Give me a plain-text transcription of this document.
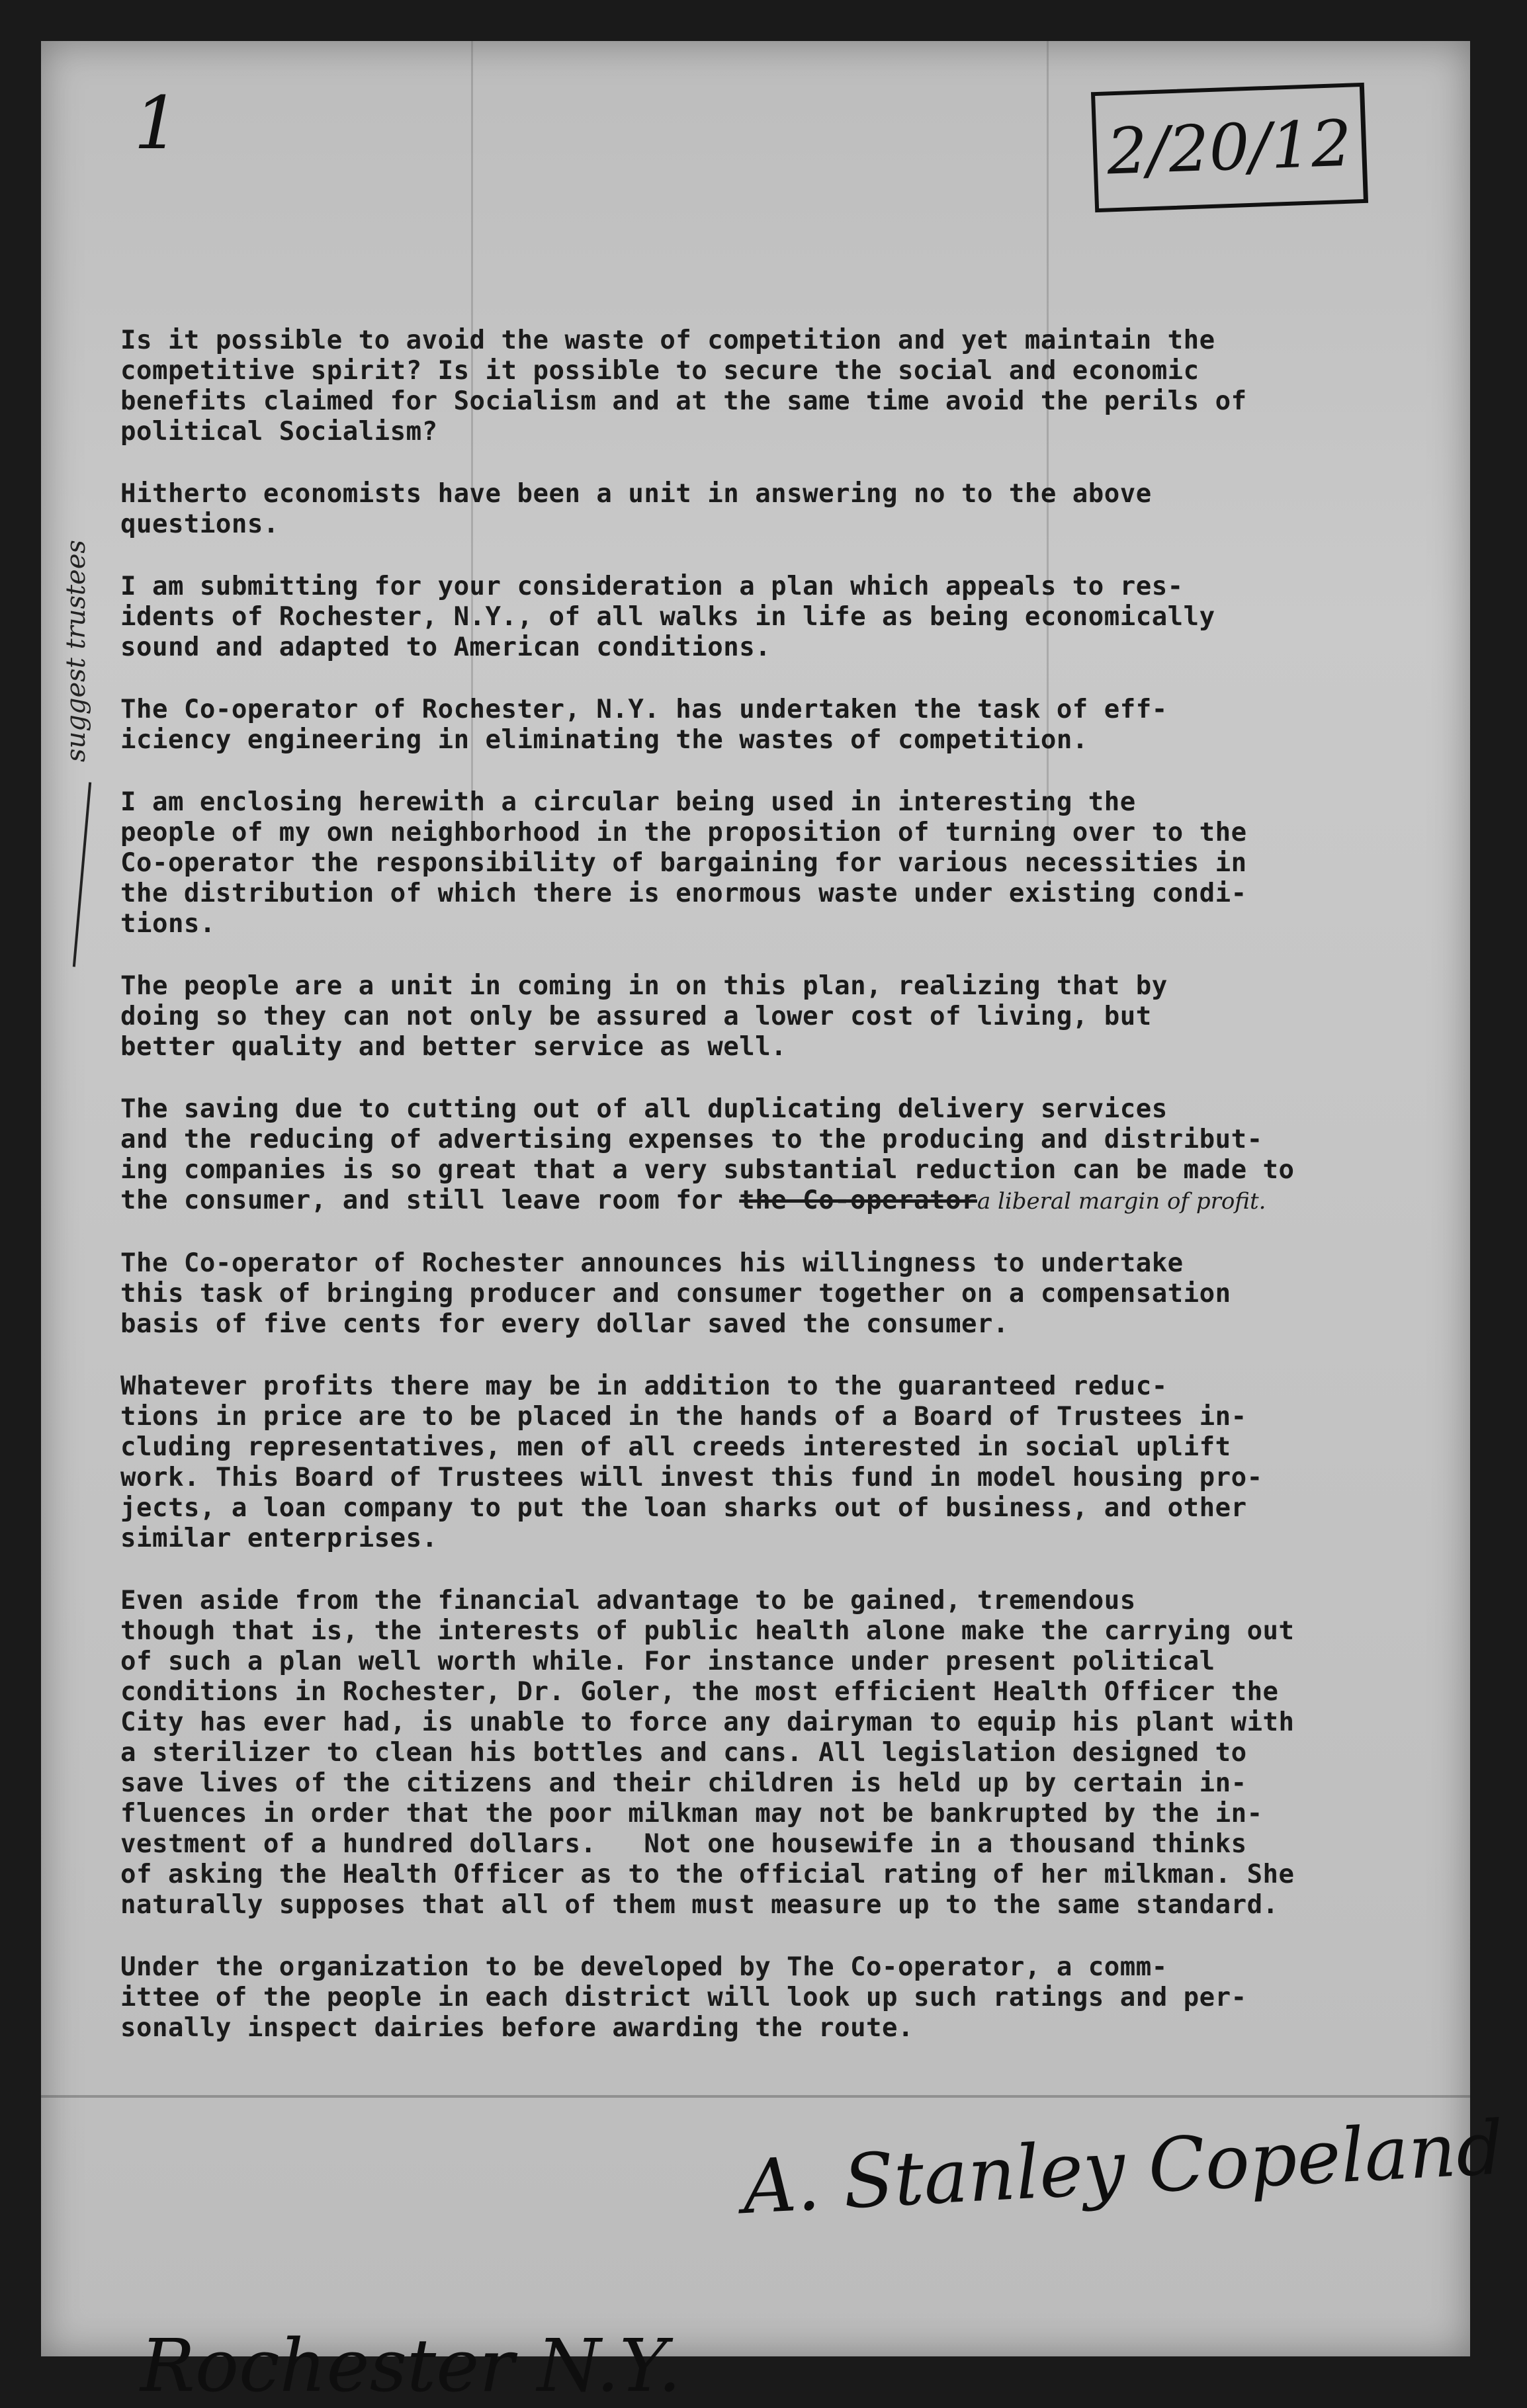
1	2/20/12
suggest trustees

Is it possible to avoid the waste of competition and yet maintain the
competitive spirit? Is it possible to secure the social and economic
benefits claimed for Socialism and at the same time avoid the perils of
political Socialism?

Hitherto economists have been a unit in answering no to the above
questions.

I am submitting for your consideration a plan which appeals to res-
idents of Rochester, N.Y., of all walks in life as being economically
sound and adapted to American conditions.

The Co-operator of Rochester, N.Y. has undertaken the task of eff-
iciency engineering in eliminating the wastes of competition.

I am enclosing herewith a circular being used in interesting the
people of my own neighborhood in the proposition of turning over to the
Co-operator the responsibility of bargaining for various necessities in
the distribution of which there is enormous waste under existing condi-
tions.

The people are a unit in coming in on this plan, realizing that by
doing so they can not only be assured a lower cost of living, but
better quality and better service as well.

The saving due to cutting out of all duplicating delivery services
and the reducing of advertising expenses to the producing and distribut-
ing companies is so great that a very substantial reduction can be made to
the consumer, and still leave room for the Co-operatora liberal margin of profit.

The Co-operator of Rochester announces his willingness to undertake
this task of bringing producer and consumer together on a compensation
basis of five cents for every dollar saved the consumer.

Whatever profits there may be in addition to the guaranteed reduc-
tions in price are to be placed in the hands of a Board of Trustees in-
cluding representatives, men of all creeds interested in social uplift
work. This Board of Trustees will invest this fund in model housing pro-
jects, a loan company to put the loan sharks out of business, and other
similar enterprises.

Even aside from the financial advantage to be gained, tremendous
though that is, the interests of public health alone make the carrying out
of such a plan well worth while. For instance under present political
conditions in Rochester, Dr. Goler, the most efficient Health Officer the
City has ever had, is unable to force any dairyman to equip his plant with
a sterilizer to clean his bottles and cans. All legislation designed to
save lives of the citizens and their children is held up by certain in-
fluences in order that the poor milkman may not be bankrupted by the in-
vestment of a hundred dollars.   Not one housewife in a thousand thinks
of asking the Health Officer as to the official rating of her milkman. She
naturally supposes that all of them must measure up to the same standard.

Under the organization to be developed by The Co-operator, a comm-
ittee of the people in each district will look up such ratings and per-
sonally inspect dairies before awarding the route.

A. Stanley Copeland
Rochester N.Y.
